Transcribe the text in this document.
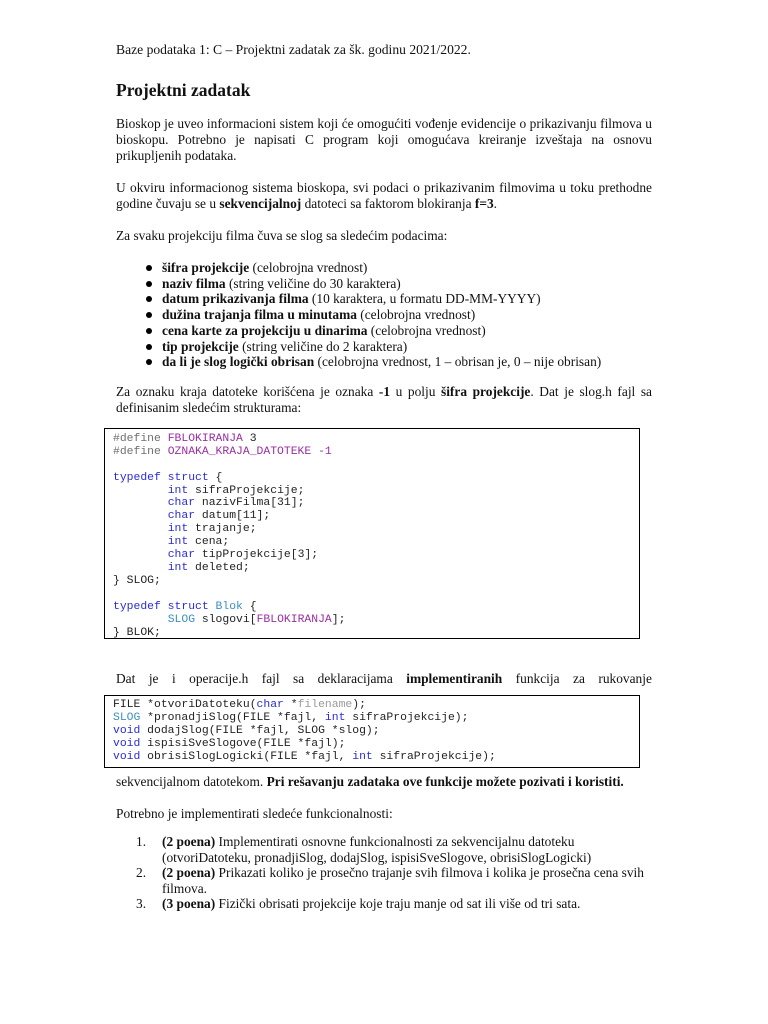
Baze podataka 1: C – Projektni zadatak za šk. godinu 2021/2022.
Projektni zadatak

Bioskop je uveo informacioni sistem koji će omogućiti vođenje evidencije o prikazivanju filmova u bioskopu. Potrebno je napisati C program koji omogućava kreiranje izveštaja na osnovu prikupljenih podataka.

U okviru informacionog sistema bioskopa, svi podaci o prikazivanim filmovima u toku prethodne godine čuvaju se u sekvencijalnoj datoteci sa faktorom blokiranja f=3.

Za svaku projekciju filma čuva se slog sa sledećim podacima:

šifra projekcije (celobrojna vrednost)
naziv filma (string veličine do 30 karaktera)
datum prikazivanja filma (10 karaktera, u formatu DD-MM-YYYY)
dužina trajanja filma u minutama (celobrojna vrednost)
cena karte za projekciju u dinarima (celobrojna vrednost)
tip projekcije (string veličine do 2 karaktera)
da li je slog logički obrisan (celobrojna vrednost, 1 – obrisan je, 0 – nije obrisan)

Za oznaku kraja datoteke korišćena je oznaka -1 u polju šifra projekcije. Dat je slog.h fajl sa definisanim sledećim strukturama:

#define FBLOKIRANJA 3
#define OZNAKA_KRAJA_DATOTEKE -1

typedef struct {
int sifraProjekcije;
char nazivFilma[31];
char datum[11];
int trajanje;
int cena;
char tipProjekcije[3];
int deleted;
} SLOG;

typedef struct Blok {
SLOG slogovi[FBLOKIRANJA];
} BLOK;
Dat je i operacije.h fajl sa deklaracijama implementiranih funkcija za rukovanje
FILE *otvoriDatoteku(char *filename);
SLOG *pronadjiSlog(FILE *fajl, int sifraProjekcije);
void dodajSlog(FILE *fajl, SLOG *slog);
void ispisiSveSlogove(FILE *fajl);
void obrisiSlogLogicki(FILE *fajl, int sifraProjekcije);

sekvencijalnom datotekom. Pri rešavanju zadataka ove funkcije možete pozivati i koristiti.

Potrebno je implementirati sledeće funkcionalnosti:

1. (2 poena) Implementirati osnovne funkcionalnosti za sekvencijalnu datoteku (otvoriDatoteku, pronadjiSlog, dodajSlog, ispisiSveSlogove, obrisiSlogLogicki)
2. (2 poena) Prikazati koliko je prosečno trajanje svih filmova i kolika je prosečna cena svih filmova.
3. (3 poena) Fizički obrisati projekcije koje traju manje od sat ili više od tri sata.
